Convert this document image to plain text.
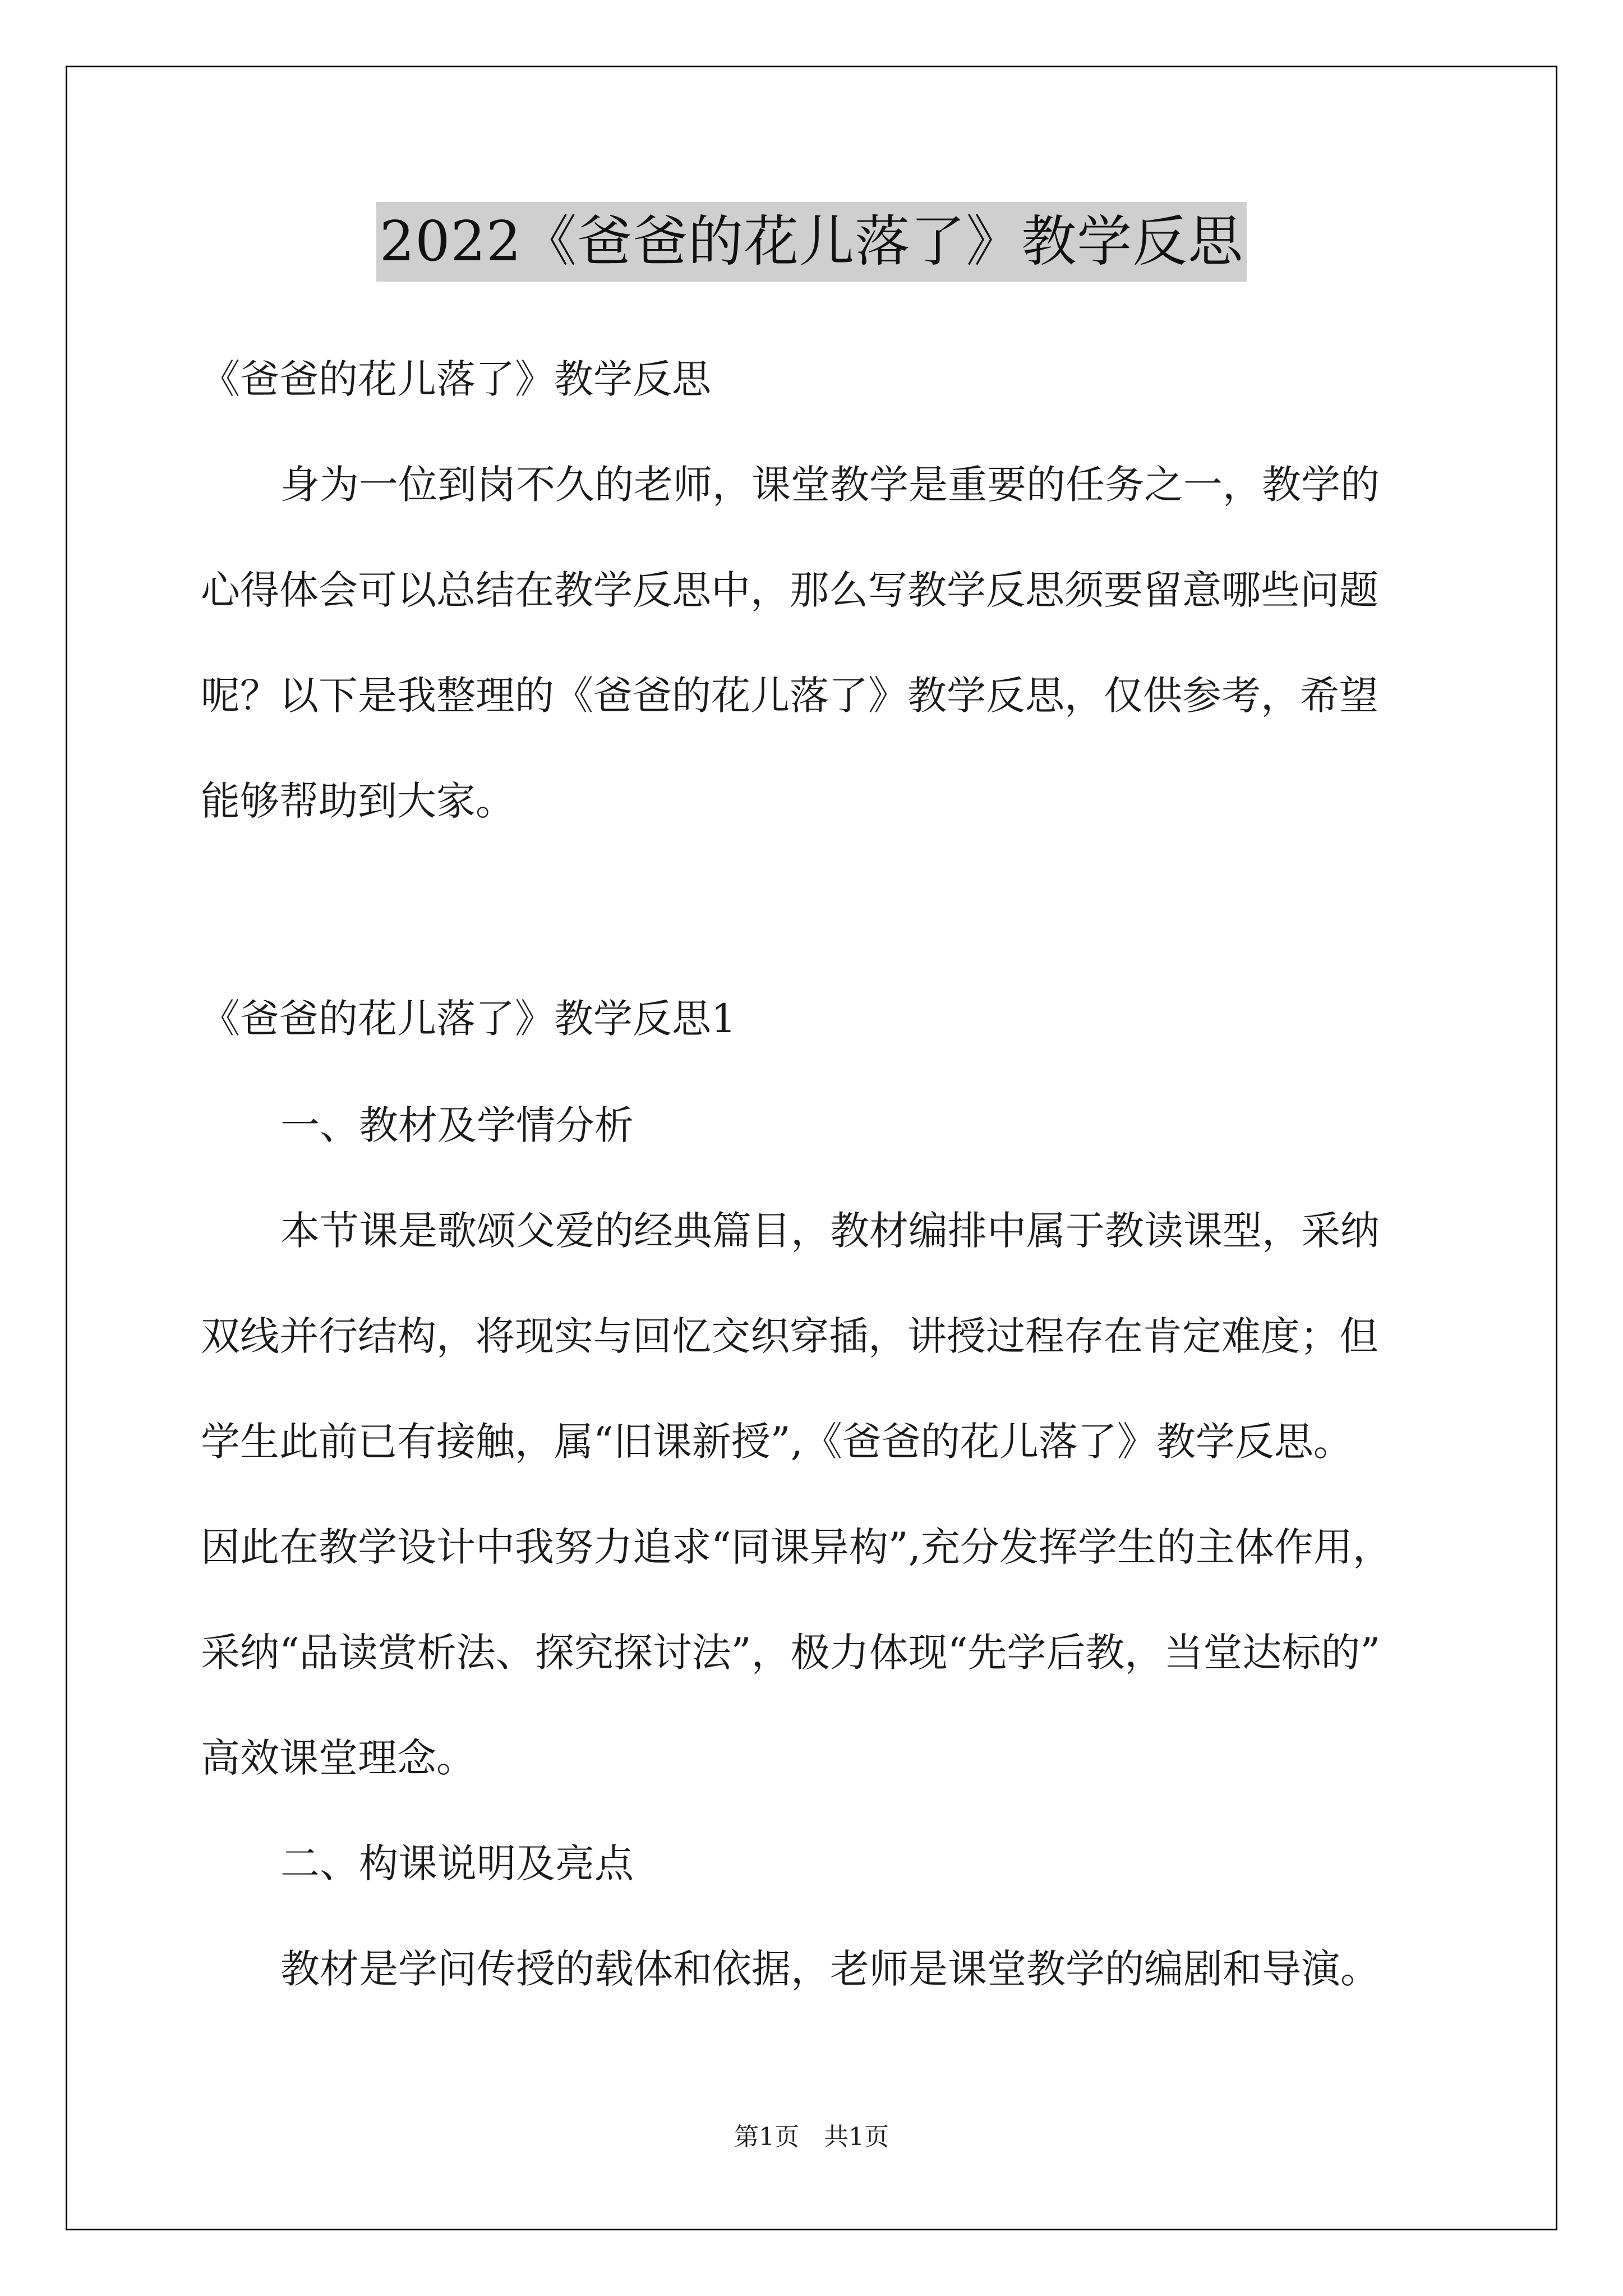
2022《爸爸的花儿落了》教学反思

《爸爸的花儿落了》教学反思

身为一位到岗不久的老师，课堂教学是重要的任务之一，教学的

心得体会可以总结在教学反思中，那么写教学反思须要留意哪些问题

呢？以下是我整理的《爸爸的花儿落了》教学反思，仅供参考，希望

能够帮助到大家。

《爸爸的花儿落了》教学反思1

一、教材及学情分析

本节课是歌颂父爱的经典篇目，教材编排中属于教读课型，采纳

双线并行结构，将现实与回忆交织穿插，讲授过程存在肯定难度；但

学生此前已有接触，属“旧课新授”,《爸爸的花儿落了》教学反思。

因此在教学设计中我努力追求“同课异构”,充分发挥学生的主体作用，

采纳“品读赏析法、探究探讨法”，极力体现“先学后教，当堂达标的”

高效课堂理念。

二、构课说明及亮点

教材是学问传授的载体和依据，老师是课堂教学的编剧和导演。

第1页　共1页
